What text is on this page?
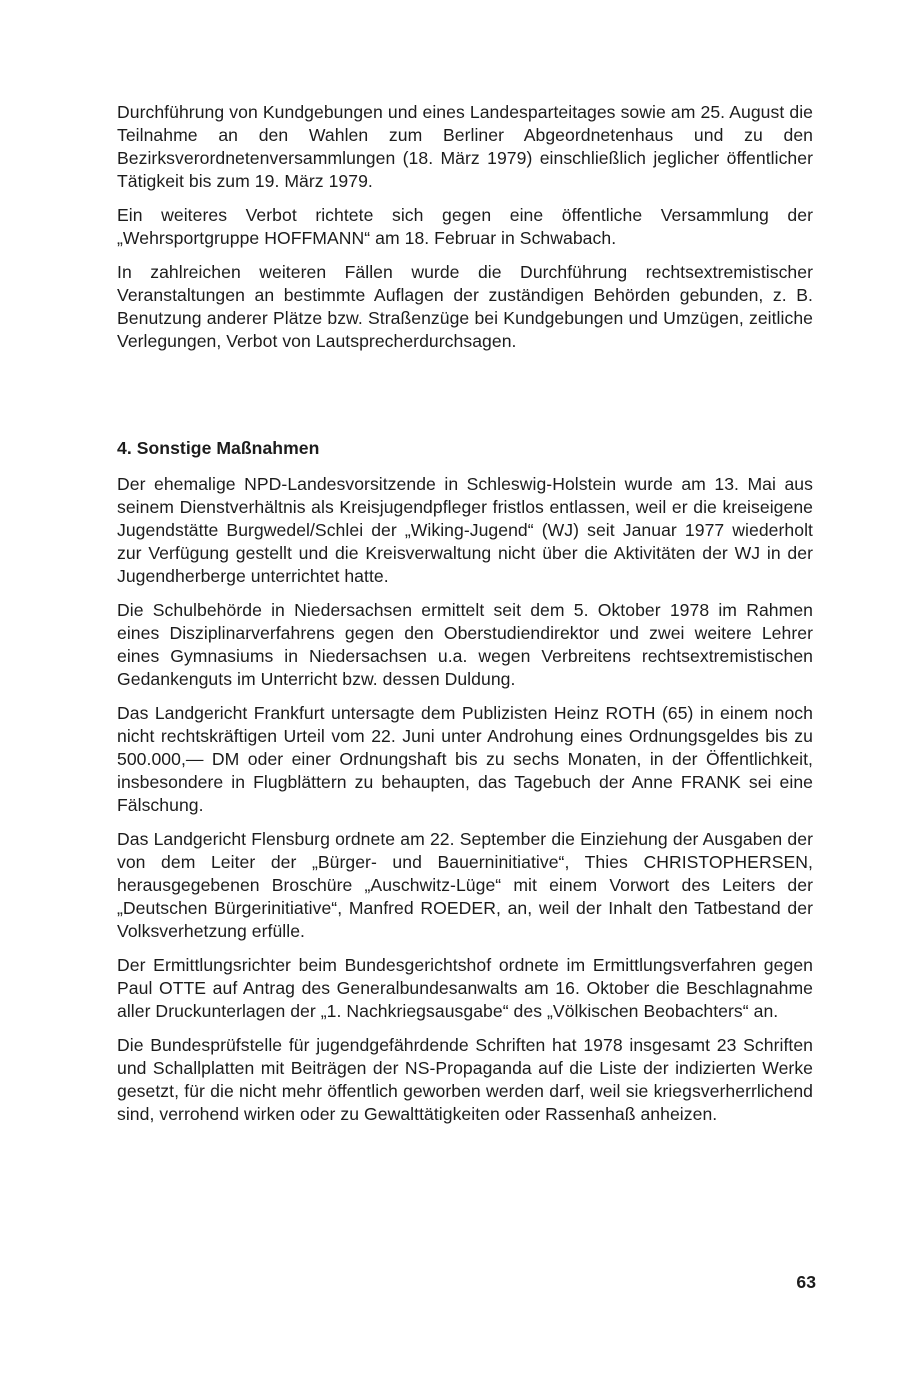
Durchführung von Kundgebungen und eines Landesparteitages sowie am 25. August die Teilnahme an den Wahlen zum Berliner Abgeordnetenhaus und zu den Bezirksverordnetenversammlungen (18. März 1979) einschließlich jeglicher öffentlicher Tätigkeit bis zum 19. März 1979.

Ein weiteres Verbot richtete sich gegen eine öffentliche Versammlung der „Wehrsportgruppe HOFFMANN“ am 18. Februar in Schwabach.

In zahlreichen weiteren Fällen wurde die Durchführung rechtsextremistischer Veranstaltungen an bestimmte Auflagen der zuständigen Behörden gebunden, z. B. Benutzung anderer Plätze bzw. Straßenzüge bei Kundgebungen und Umzügen, zeitliche Verlegungen, Verbot von Lautsprecherdurchsagen.

4. Sonstige Maßnahmen

Der ehemalige NPD-Landesvorsitzende in Schleswig-Holstein wurde am 13. Mai aus seinem Dienstverhältnis als Kreisjugendpfleger fristlos entlassen, weil er die kreiseigene Jugendstätte Burgwedel/Schlei der „Wiking-Jugend“ (WJ) seit Januar 1977 wiederholt zur Verfügung gestellt und die Kreisverwaltung nicht über die Aktivitäten der WJ in der Jugendherberge unterrichtet hatte.

Die Schulbehörde in Niedersachsen ermittelt seit dem 5. Oktober 1978 im Rahmen eines Disziplinarverfahrens gegen den Oberstudiendirektor und zwei weitere Lehrer eines Gymnasiums in Niedersachsen u.a. wegen Verbreitens rechtsextremistischen Gedankenguts im Unterricht bzw. dessen Duldung.

Das Landgericht Frankfurt untersagte dem Publizisten Heinz ROTH (65) in einem noch nicht rechtskräftigen Urteil vom 22. Juni unter Androhung eines Ordnungsgeldes bis zu 500.000,— DM oder einer Ordnungshaft bis zu sechs Monaten, in der Öffentlichkeit, insbesondere in Flugblättern zu behaupten, das Tagebuch der Anne FRANK sei eine Fälschung.

Das Landgericht Flensburg ordnete am 22. September die Einziehung der Ausgaben der von dem Leiter der „Bürger- und Bauerninitiative“, Thies CHRISTOPHERSEN, herausgegebenen Broschüre „Auschwitz-Lüge“ mit einem Vorwort des Leiters der „Deutschen Bürgerinitiative“, Manfred ROEDER, an, weil der Inhalt den Tatbestand der Volksverhetzung erfülle.

Der Ermittlungsrichter beim Bundesgerichtshof ordnete im Ermittlungsverfahren gegen Paul OTTE auf Antrag des Generalbundesanwalts am 16. Oktober die Beschlagnahme aller Druckunterlagen der „1. Nachkriegsausgabe“ des „Völkischen Beobachters“ an.

Die Bundesprüfstelle für jugendgefährdende Schriften hat 1978 insgesamt 23 Schriften und Schallplatten mit Beiträgen der NS-Propaganda auf die Liste der indizierten Werke gesetzt, für die nicht mehr öffentlich geworben werden darf, weil sie kriegsverherrlichend sind, verrohend wirken oder zu Gewalttätigkeiten oder Rassenhaß anheizen.

63
